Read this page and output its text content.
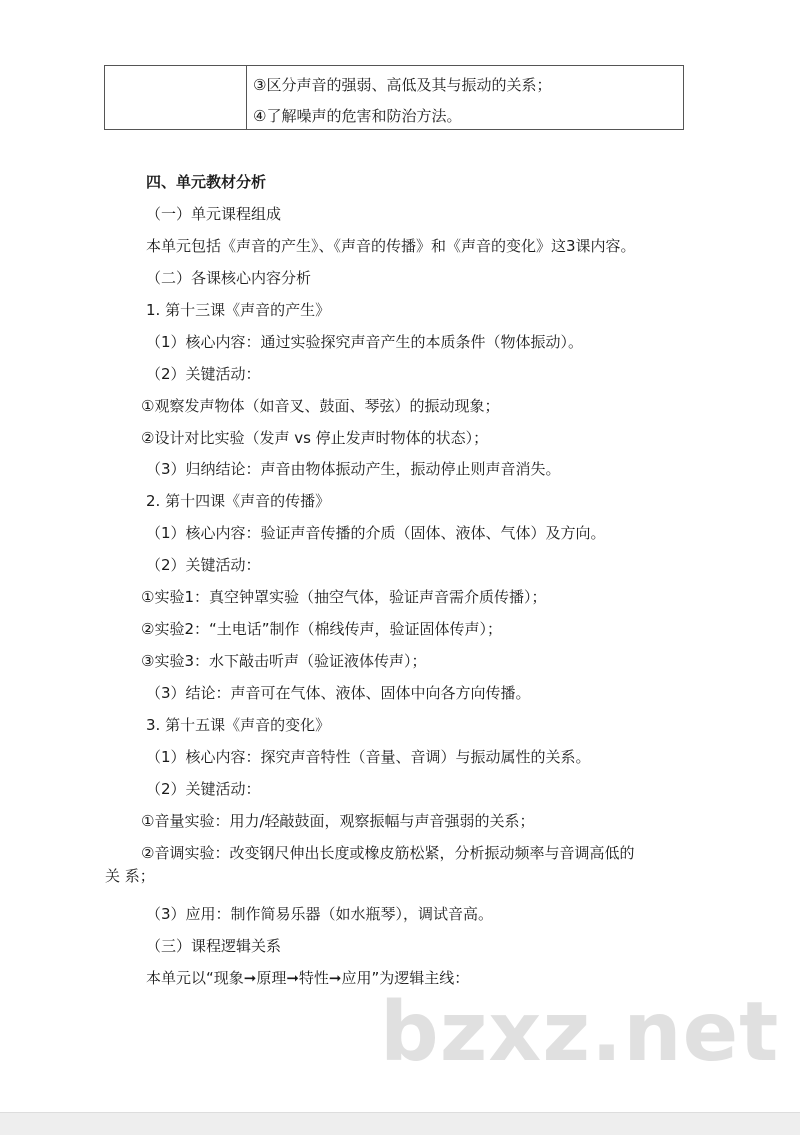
③区分声音的强弱、高低及其与振动的关系；
④了解噪声的危害和防治方法。
四、单元教材分析
（一）单元课程组成
本单元包括《声音的产生》、《声音的传播》和《声音的变化》这3课内容。
（二）各课核心内容分析
1. 第十三课《声音的产生》
（1）核心内容：通过实验探究声音产生的本质条件（物体振动）。
（2）关键活动：
①观察发声物体（如音叉、鼓面、琴弦）的振动现象；
②设计对比实验（发声 vs 停止发声时物体的状态）；
（3）归纳结论：声音由物体振动产生，振动停止则声音消失。
2. 第十四课《声音的传播》
（1）核心内容：验证声音传播的介质（固体、液体、气体）及方向。
（2）关键活动：
①实验1：真空钟罩实验（抽空气体，验证声音需介质传播）；
②实验2：“土电话”制作（棉线传声，验证固体传声）；
③实验3：水下敲击听声（验证液体传声）；
（3）结论：声音可在气体、液体、固体中向各方向传播。
3. 第十五课《声音的变化》
（1）核心内容：探究声音特性（音量、音调）与振动属性的关系。
（2）关键活动：
①音量实验：用力/轻敲鼓面，观察振幅与声音强弱的关系；
②音调实验：改变钢尺伸出长度或橡皮筋松紧，分析振动频率与音调高低的
关 系；
（3）应用：制作简易乐器（如水瓶琴），调试音高。
（三）课程逻辑关系
本单元以“现象➞原理➞特性➞应用”为逻辑主线：
bzxz.net
